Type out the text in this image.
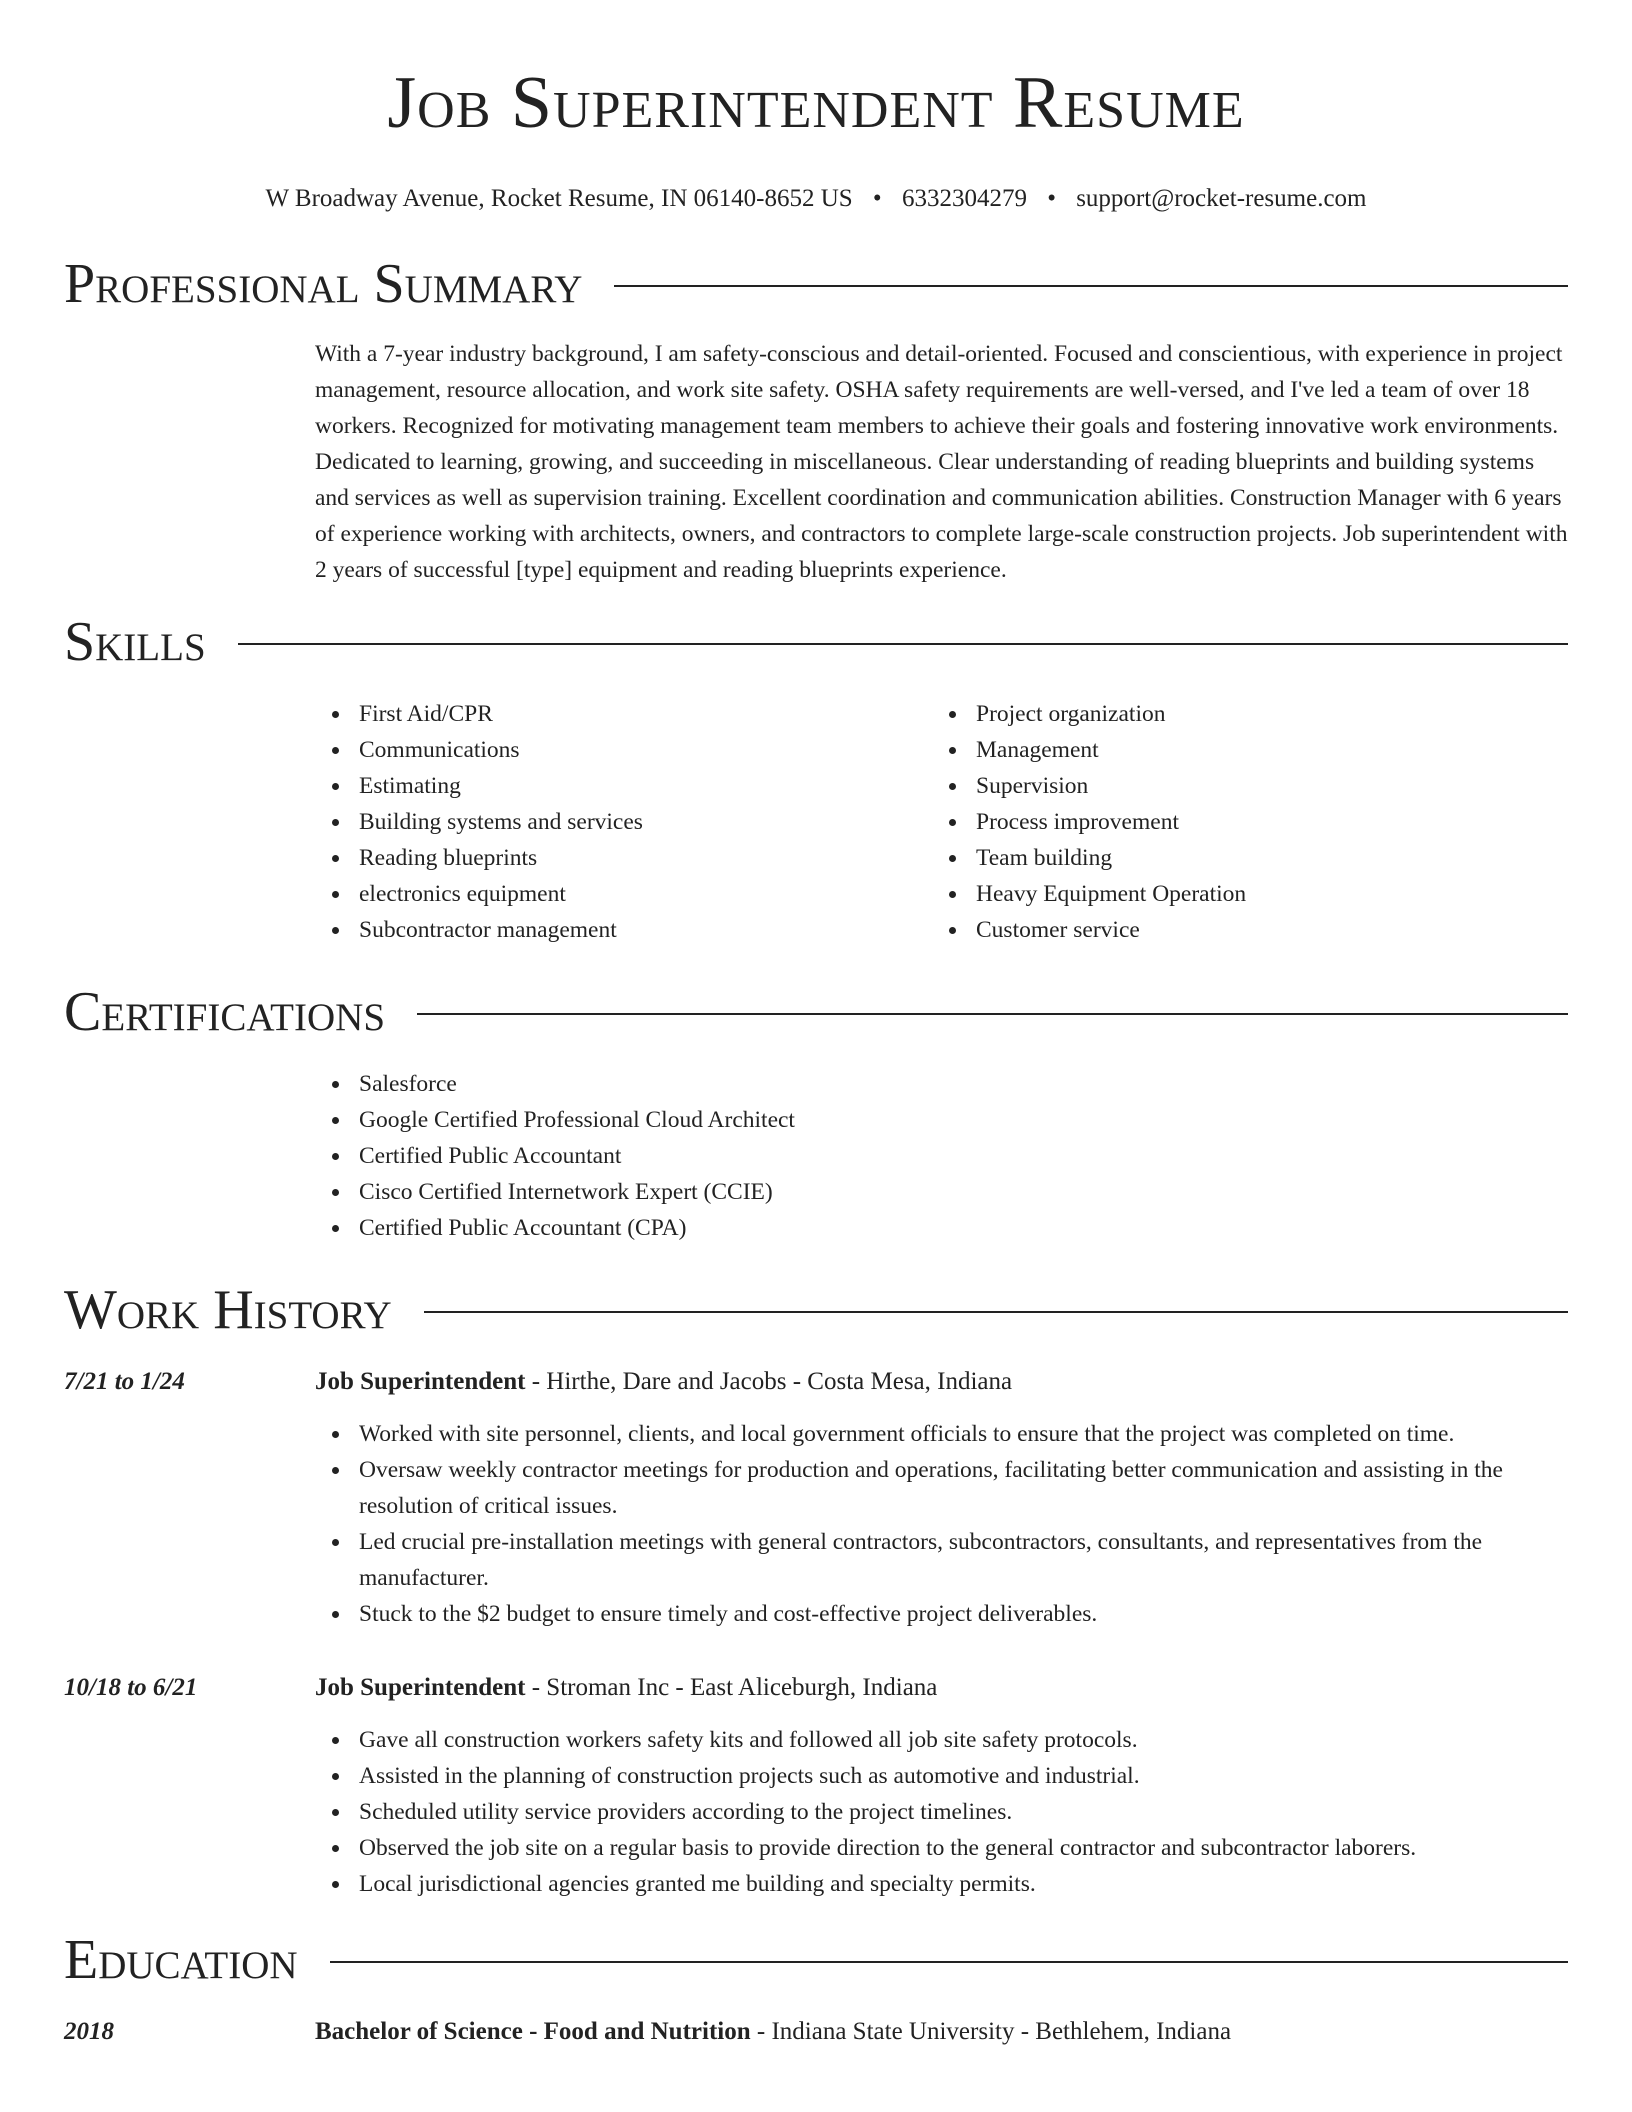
Job Superintendent Resume
W Broadway Avenue, Rocket Resume, IN 06140-8652 US • 6332304279 • support@rocket-resume.com
Professional Summary
With a 7-year industry background, I am safety-conscious and detail-oriented. Focused and conscientious, with experience in project management, resource allocation, and work site safety. OSHA safety requirements are well-versed, and I've led a team of over 18 workers. Recognized for motivating management team members to achieve their goals and fostering innovative work environments. Dedicated to learning, growing, and succeeding in miscellaneous. Clear understanding of reading blueprints and building systems and services as well as supervision training. Excellent coordination and communication abilities. Construction Manager with 6 years of experience working with architects, owners, and contractors to complete large-scale construction projects. Job superintendent with 2 years of successful [type] equipment and reading blueprints experience.
Skills
First Aid/CPR
Communications
Estimating
Building systems and services
Reading blueprints
electronics equipment
Subcontractor management
Project organization
Management
Supervision
Process improvement
Team building
Heavy Equipment Operation
Customer service
Certifications
Salesforce
Google Certified Professional Cloud Architect
Certified Public Accountant
Cisco Certified Internetwork Expert (CCIE)
Certified Public Accountant (CPA)
Work History
7/21 to 1/24	Job Superintendent - Hirthe, Dare and Jacobs - Costa Mesa, Indiana
Worked with site personnel, clients, and local government officials to ensure that the project was completed on time.
Oversaw weekly contractor meetings for production and operations, facilitating better communication and assisting in the resolution of critical issues.
Led crucial pre-installation meetings with general contractors, subcontractors, consultants, and representatives from the manufacturer.
Stuck to the $2 budget to ensure timely and cost-effective project deliverables.
10/18 to 6/21	Job Superintendent - Stroman Inc - East Aliceburgh, Indiana
Gave all construction workers safety kits and followed all job site safety protocols.
Assisted in the planning of construction projects such as automotive and industrial.
Scheduled utility service providers according to the project timelines.
Observed the job site on a regular basis to provide direction to the general contractor and subcontractor laborers.
Local jurisdictional agencies granted me building and specialty permits.
Education
2018	Bachelor of Science - Food and Nutrition - Indiana State University - Bethlehem, Indiana
